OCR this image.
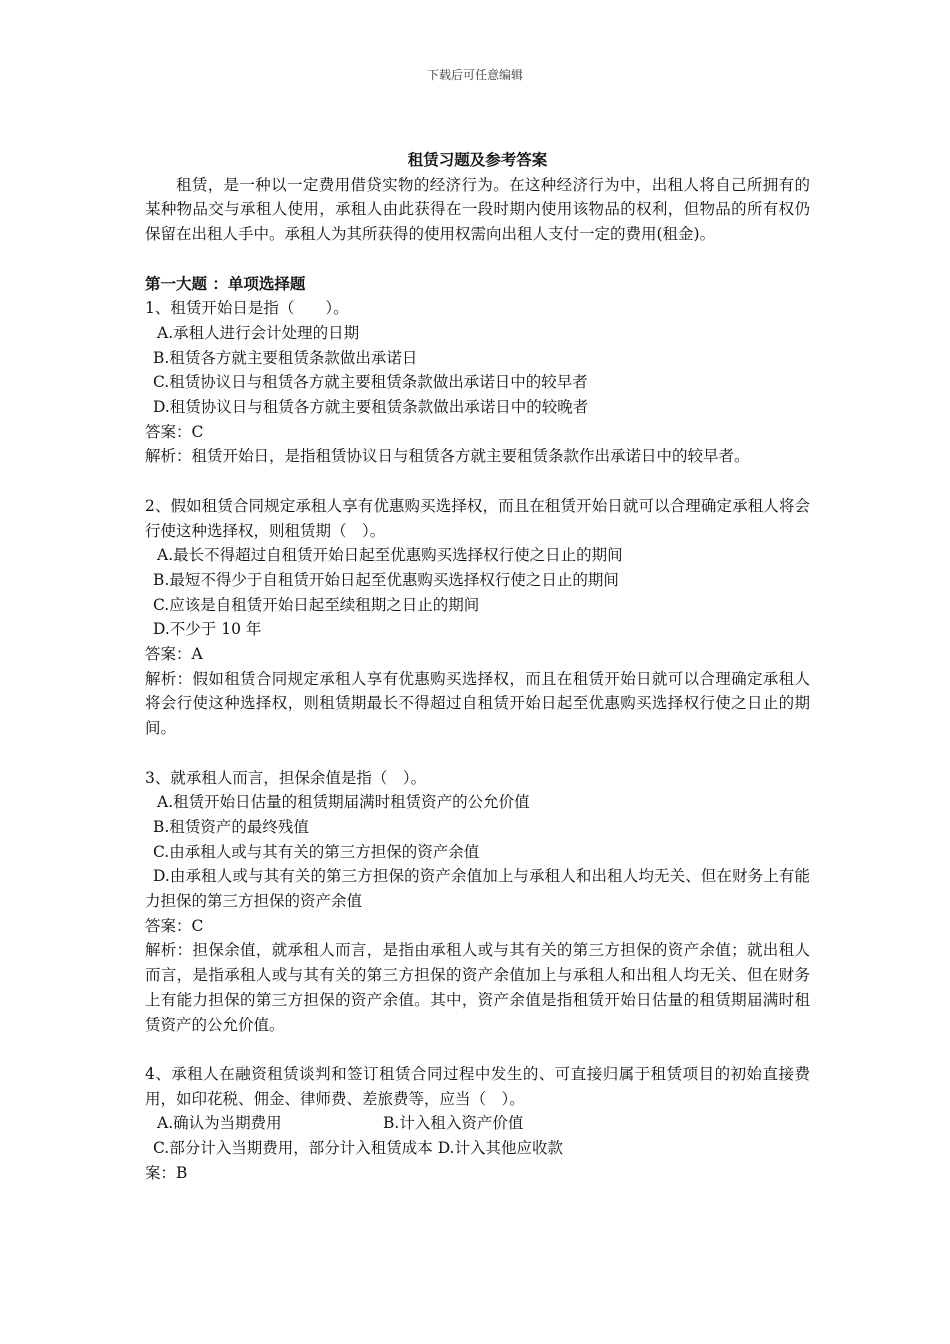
下载后可任意编辑
租赁习题及参考答案
租赁，是一种以一定费用借贷实物的经济行为。在这种经济行为中，出租人将自己所拥有的某种物品交与承租人使用，承租人由此获得在一段时期内使用该物品的权利，但物品的所有权仍保留在出租人手中。承租人为其所获得的使用权需向出租人支付一定的费用(租金)。
第一大题 ：单项选择题
1、租赁开始日是指（　　）。
A.承租人进行会计处理的日期
B.租赁各方就主要租赁条款做出承诺日
C.租赁协议日与租赁各方就主要租赁条款做出承诺日中的较早者
D.租赁协议日与租赁各方就主要租赁条款做出承诺日中的较晚者
答案：C
解析：租赁开始日，是指租赁协议日与租赁各方就主要租赁条款作出承诺日中的较早者。
2、假如租赁合同规定承租人享有优惠购买选择权，而且在租赁开始日就可以合理确定承租人将会行使这种选择权，则租赁期（　）。
A.最长不得超过自租赁开始日起至优惠购买选择权行使之日止的期间
B.最短不得少于自租赁开始日起至优惠购买选择权行使之日止的期间
C.应该是自租赁开始日起至续租期之日止的期间
D.不少于 10 年
答案：A
解析：假如租赁合同规定承租人享有优惠购买选择权，而且在租赁开始日就可以合理确定承租人将会行使这种选择权，则租赁期最长不得超过自租赁开始日起至优惠购买选择权行使之日止的期间。
3、就承租人而言，担保余值是指（　）。
A.租赁开始日估量的租赁期届满时租赁资产的公允价值
B.租赁资产的最终残值
C.由承租人或与其有关的第三方担保的资产余值
D.由承租人或与其有关的第三方担保的资产余值加上与承租人和出租人均无关、但在财务上有能力担保的第三方担保的资产余值
答案：C
解析：担保余值，就承租人而言，是指由承租人或与其有关的第三方担保的资产余值；就出租人而言，是指承租人或与其有关的第三方担保的资产余值加上与承租人和出租人均无关、但在财务上有能力担保的第三方担保的资产余值。其中，资产余值是指租赁开始日估量的租赁期届满时租赁资产的公允价值。
4、承租人在融资租赁谈判和签订租赁合同过程中发生的、可直接归属于租赁项目的初始直接费用，如印花税、佣金、律师费、差旅费等，应当（　）。
A.确认为当期费用	B.计入租入资产价值
C.部分计入当期费用，部分计入租赁成本 D.计入其他应收款
案：B
